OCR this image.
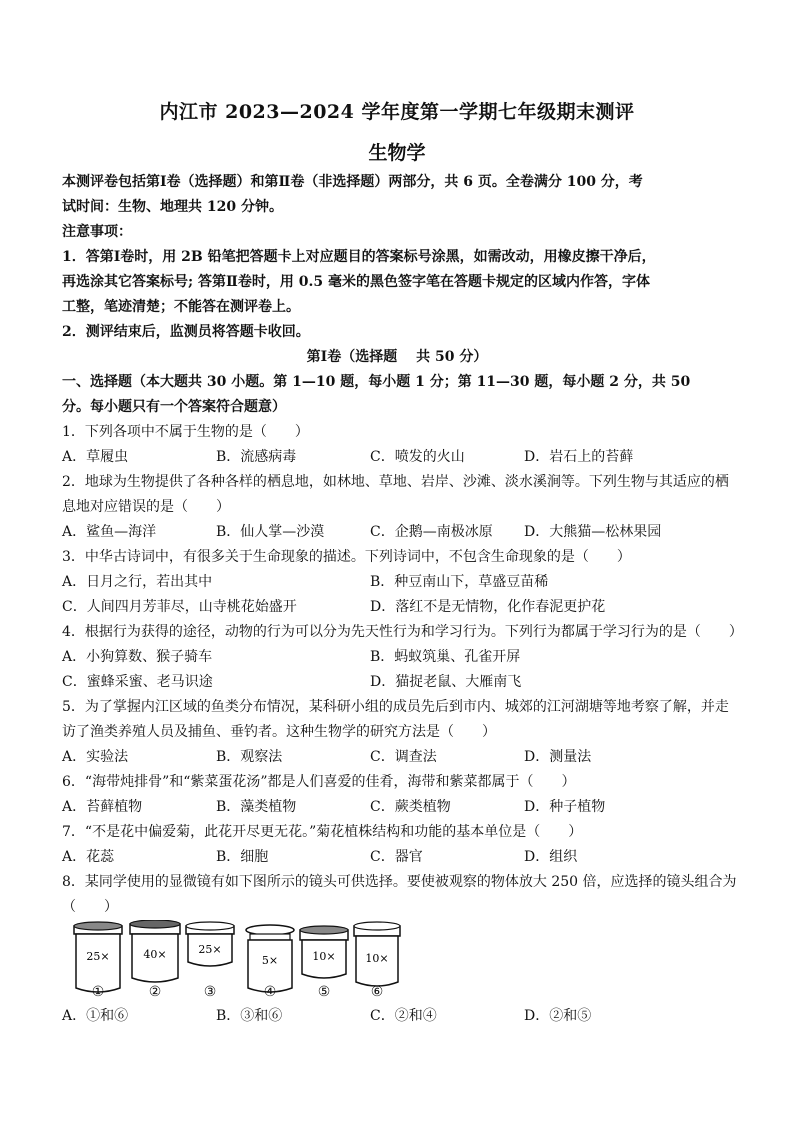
内江市 2023—2024 学年度第一学期七年级期末测评
生物学
本测评卷包括第Ⅰ卷（选择题）和第Ⅱ卷（非选择题）两部分，共 6 页。全卷满分 100 分，考
试时间：生物、地理共 120 分钟。
注意事项：
1．答第Ⅰ卷时，用 2B 铅笔把答题卡上对应题目的答案标号涂黑，如需改动，用橡皮擦干净后，
再选涂其它答案标号; 答第Ⅱ卷时，用 0.5 毫米的黑色签字笔在答题卡规定的区域内作答，字体
工整，笔迹清楚；不能答在测评卷上。
2．测评结束后，监测员将答题卡收回。
第Ⅰ卷（选择题　 共 50 分）
一、选择题（本大题共 30 小题。第 1—10 题，每小题 1 分；第 11—30 题，每小题 2 分，共 50
分。每小题只有一个答案符合题意）
1．下列各项中不属于生物的是（　　）
A．草履虫	B．流感病毒	C．喷发的火山	D．岩石上的苔藓
2．地球为生物提供了各种各样的栖息地，如林地、草地、岩岸、沙滩、淡水溪涧等。下列生物与其适应的栖
息地对应错误的是（　　）
A．鲨鱼—海洋	B．仙人掌—沙漠	C．企鹅—南极冰原 D．大熊猫—松林果园
3．中华古诗词中，有很多关于生命现象的描述。下列诗词中，不包含生命现象的是（　　）
A．日月之行，若出其中	B．种豆南山下，草盛豆苗稀
C．人间四月芳菲尽，山寺桃花始盛开	D．落红不是无情物，化作春泥更护花
4．根据行为获得的途径，动物的行为可以分为先天性行为和学习行为。下列行为都属于学习行为的是（　　）
A．小狗算数、猴子骑车	B．蚂蚁筑巢、孔雀开屏
C．蜜蜂采蜜、老马识途	D．猫捉老鼠、大雁南飞
5．为了掌握内江区域的鱼类分布情况，某科研小组的成员先后到市内、城郊的江河湖塘等地考察了解，并走
访了渔类养殖人员及捕鱼、垂钓者。这种生物学的研究方法是（　　）
A．实验法	B．观察法	C．调查法	D．测量法
6．“海带炖排骨”和“紫菜蛋花汤”都是人们喜爱的佳肴，海带和紫菜都属于（　　）
A．苔藓植物	B．藻类植物	C．蕨类植物	D．种子植物
7．“不是花中偏爱菊，此花开尽更无花。”菊花植株结构和功能的基本单位是（　　）
A．花蕊	B．细胞	C．器官	D．组织
8．某同学使用的显微镜有如下图所示的镜头可供选择。要使被观察的物体放大 250 倍，应选择的镜头组合为
（　　）
25×	40×	25×
5×	10×	10×
①	②	③	④	⑤	⑥
A．①和⑥	B．③和⑥	C．②和④	D．②和⑤
